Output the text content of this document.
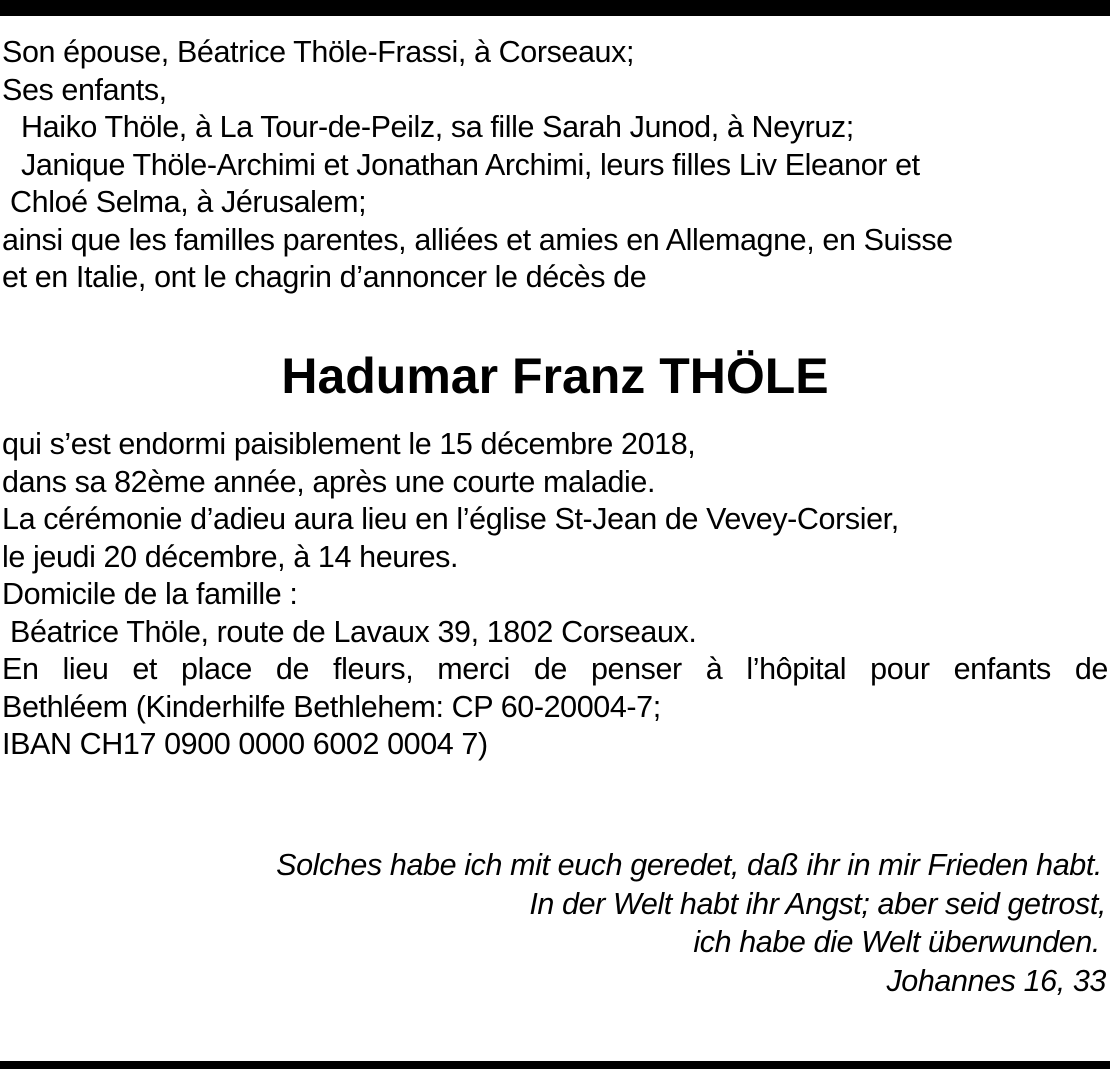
Son épouse, Béatrice Thöle-Frassi, à Corseaux;
Ses enfants,
Haiko Thöle, à La Tour-de-Peilz, sa fille Sarah Junod, à Neyruz;
Janique Thöle-Archimi et Jonathan Archimi, leurs filles Liv Eleanor et
Chloé Selma, à Jérusalem;
ainsi que les familles parentes, alliées et amies en Allemagne, en Suisse
et en Italie, ont le chagrin d’annoncer le décès de
Hadumar Franz THÖLE
qui s’est endormi paisiblement le 15 décembre 2018,
dans sa 82ème année, après une courte maladie.
La cérémonie d’adieu aura lieu en l’église St-Jean de Vevey-Corsier,
le jeudi 20 décembre, à 14 heures.
Domicile de la famille :
Béatrice Thöle, route de Lavaux 39, 1802 Corseaux.
En lieu et place de fleurs, merci de penser à l’hôpital pour enfants de
Bethléem (Kinderhilfe Bethlehem: CP 60-20004-7;
IBAN CH17 0900 0000 6002 0004 7)
Solches habe ich mit euch geredet, daß ihr in mir Frieden habt.
In der Welt habt ihr Angst; aber seid getrost,
ich habe die Welt überwunden.
Johannes 16, 33
